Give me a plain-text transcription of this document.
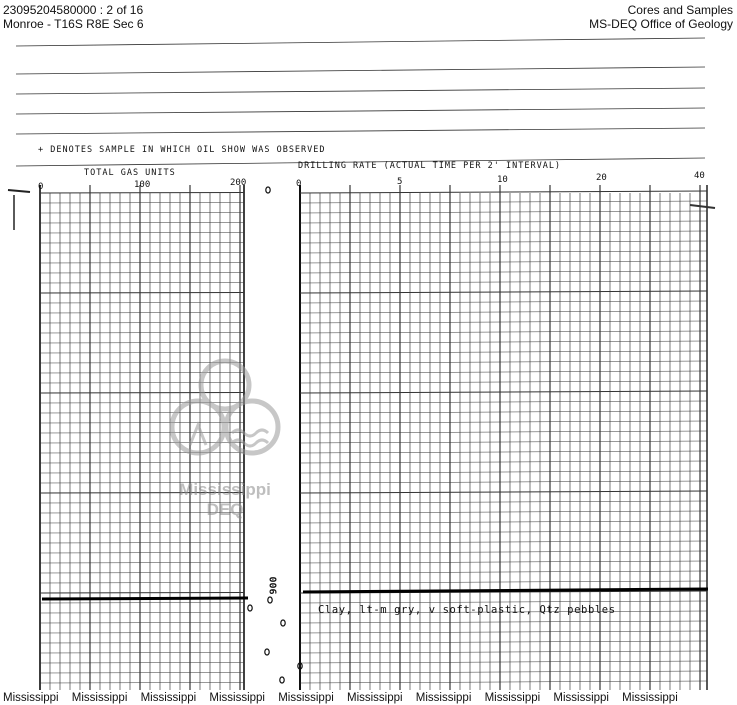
23095204580000 : 2 of 16
Monroe - T16S R8E Sec 6
Cores and Samples
MS-DEQ Office of Geology
+ DENOTES SAMPLE IN WHICH OIL SHOW WAS OBSERVED
TOTAL GAS UNITS
0	100	200
DRILLING RATE (ACTUAL TIME PER 2' INTERVAL)
0	5	10	20	40
900
Clay, lt-m gry, v soft-plastic, Qtz pebbles
Mississippi
DEQ
Mississippi Mississippi Mississippi Mississippi Mississippi Mississippi Mississippi Mississippi Mississippi Mississippi
